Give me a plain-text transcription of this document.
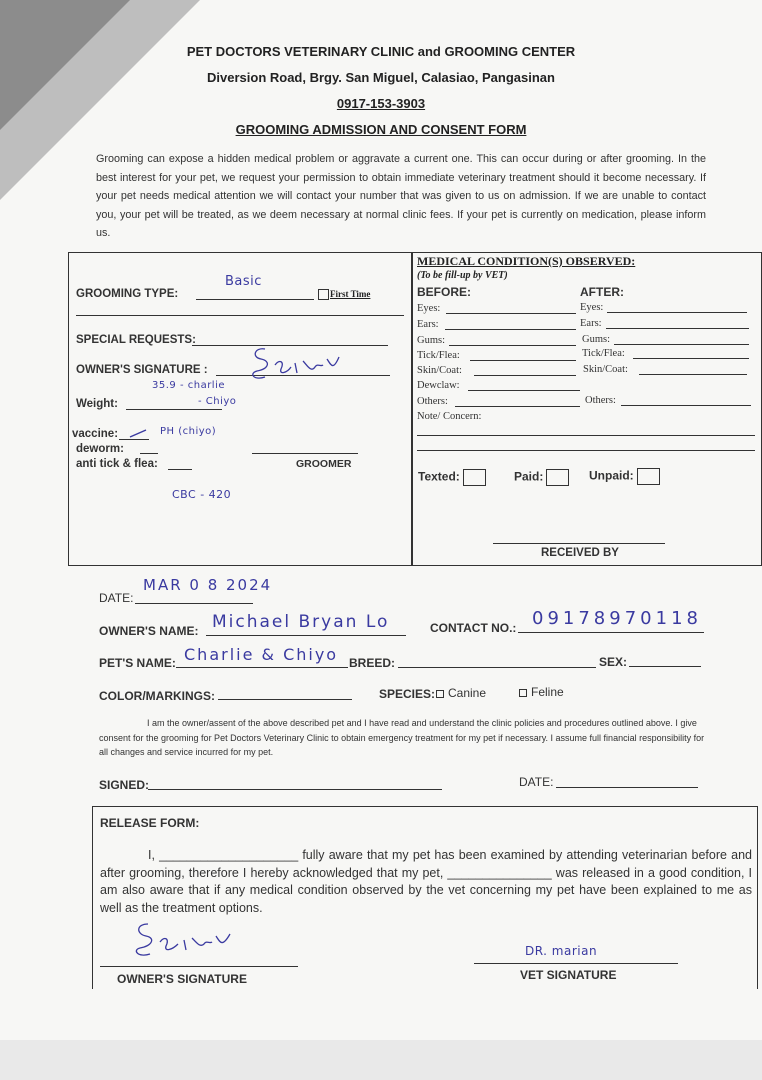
PET DOCTORS VETERINARY CLINIC and GROOMING CENTER
Diversion Road, Brgy. San Miguel, Calasiao, Pangasinan
0917-153-3903
GROOMING ADMISSION AND CONSENT FORM
Grooming can expose a hidden medical problem or aggravate a current one. This can occur during or after grooming. In the best interest for your pet, we request your permission to obtain immediate veterinary treatment should it become necessary. If your pet needs medical attention we will contact your number that was given to us on admission. If we are unable to contact you, your pet will be treated, as we deem necessary at normal clinic fees. If your pet is currently on medication, please inform us.
GROOMING TYPE:
Basic
First Time
SPECIAL REQUESTS:
OWNER'S SIGNATURE :
35.9 - charlie
Weight:	- Chiyo
vaccine:	PH (chiyo)
deworm:
anti tick & flea:	GROOMER
CBC - 420
MEDICAL CONDITION(S) OBSERVED:
(To be fill-up by VET)
BEFORE:	AFTER:
Eyes:	Eyes:
Ears:	Ears:
Gums:	Gums:
Tick/Flea:	Tick/Flea:
Skin/Coat:	Skin/Coat:
Dewclaw:
Others:	Others:
Note/ Concern:
Texted:	Paid:	Unpaid:
RECEIVED BY
MAR 0 8 2024
DATE:
OWNER'S NAME: Michael Bryan Lo	CONTACT NO.: 09178970118
PET'S NAME: Charlie & Chiyo BREED:	SEX:
COLOR/MARKINGS:	SPECIES:	Canine	Feline
I am the owner/assent of the above described pet and I have read and understand the clinic policies and procedures outlined above. I give consent for the grooming for Pet Doctors Veterinary Clinic to obtain emergency treatment for my pet if necessary. I assume full financial responsibility for all changes and service incurred for my pet.
SIGNED:	DATE:
RELEASE FORM:
I, ____________________ fully aware that my pet has been examined by attending veterinarian before and after grooming, therefore I hereby acknowledged that my pet, _______________ was released in a good condition, I am also aware that if any medical condition observed by the vet concerning my pet have been explained to me as well as the treatment options.
OWNER'S SIGNATURE
DR. marian
VET SIGNATURE
